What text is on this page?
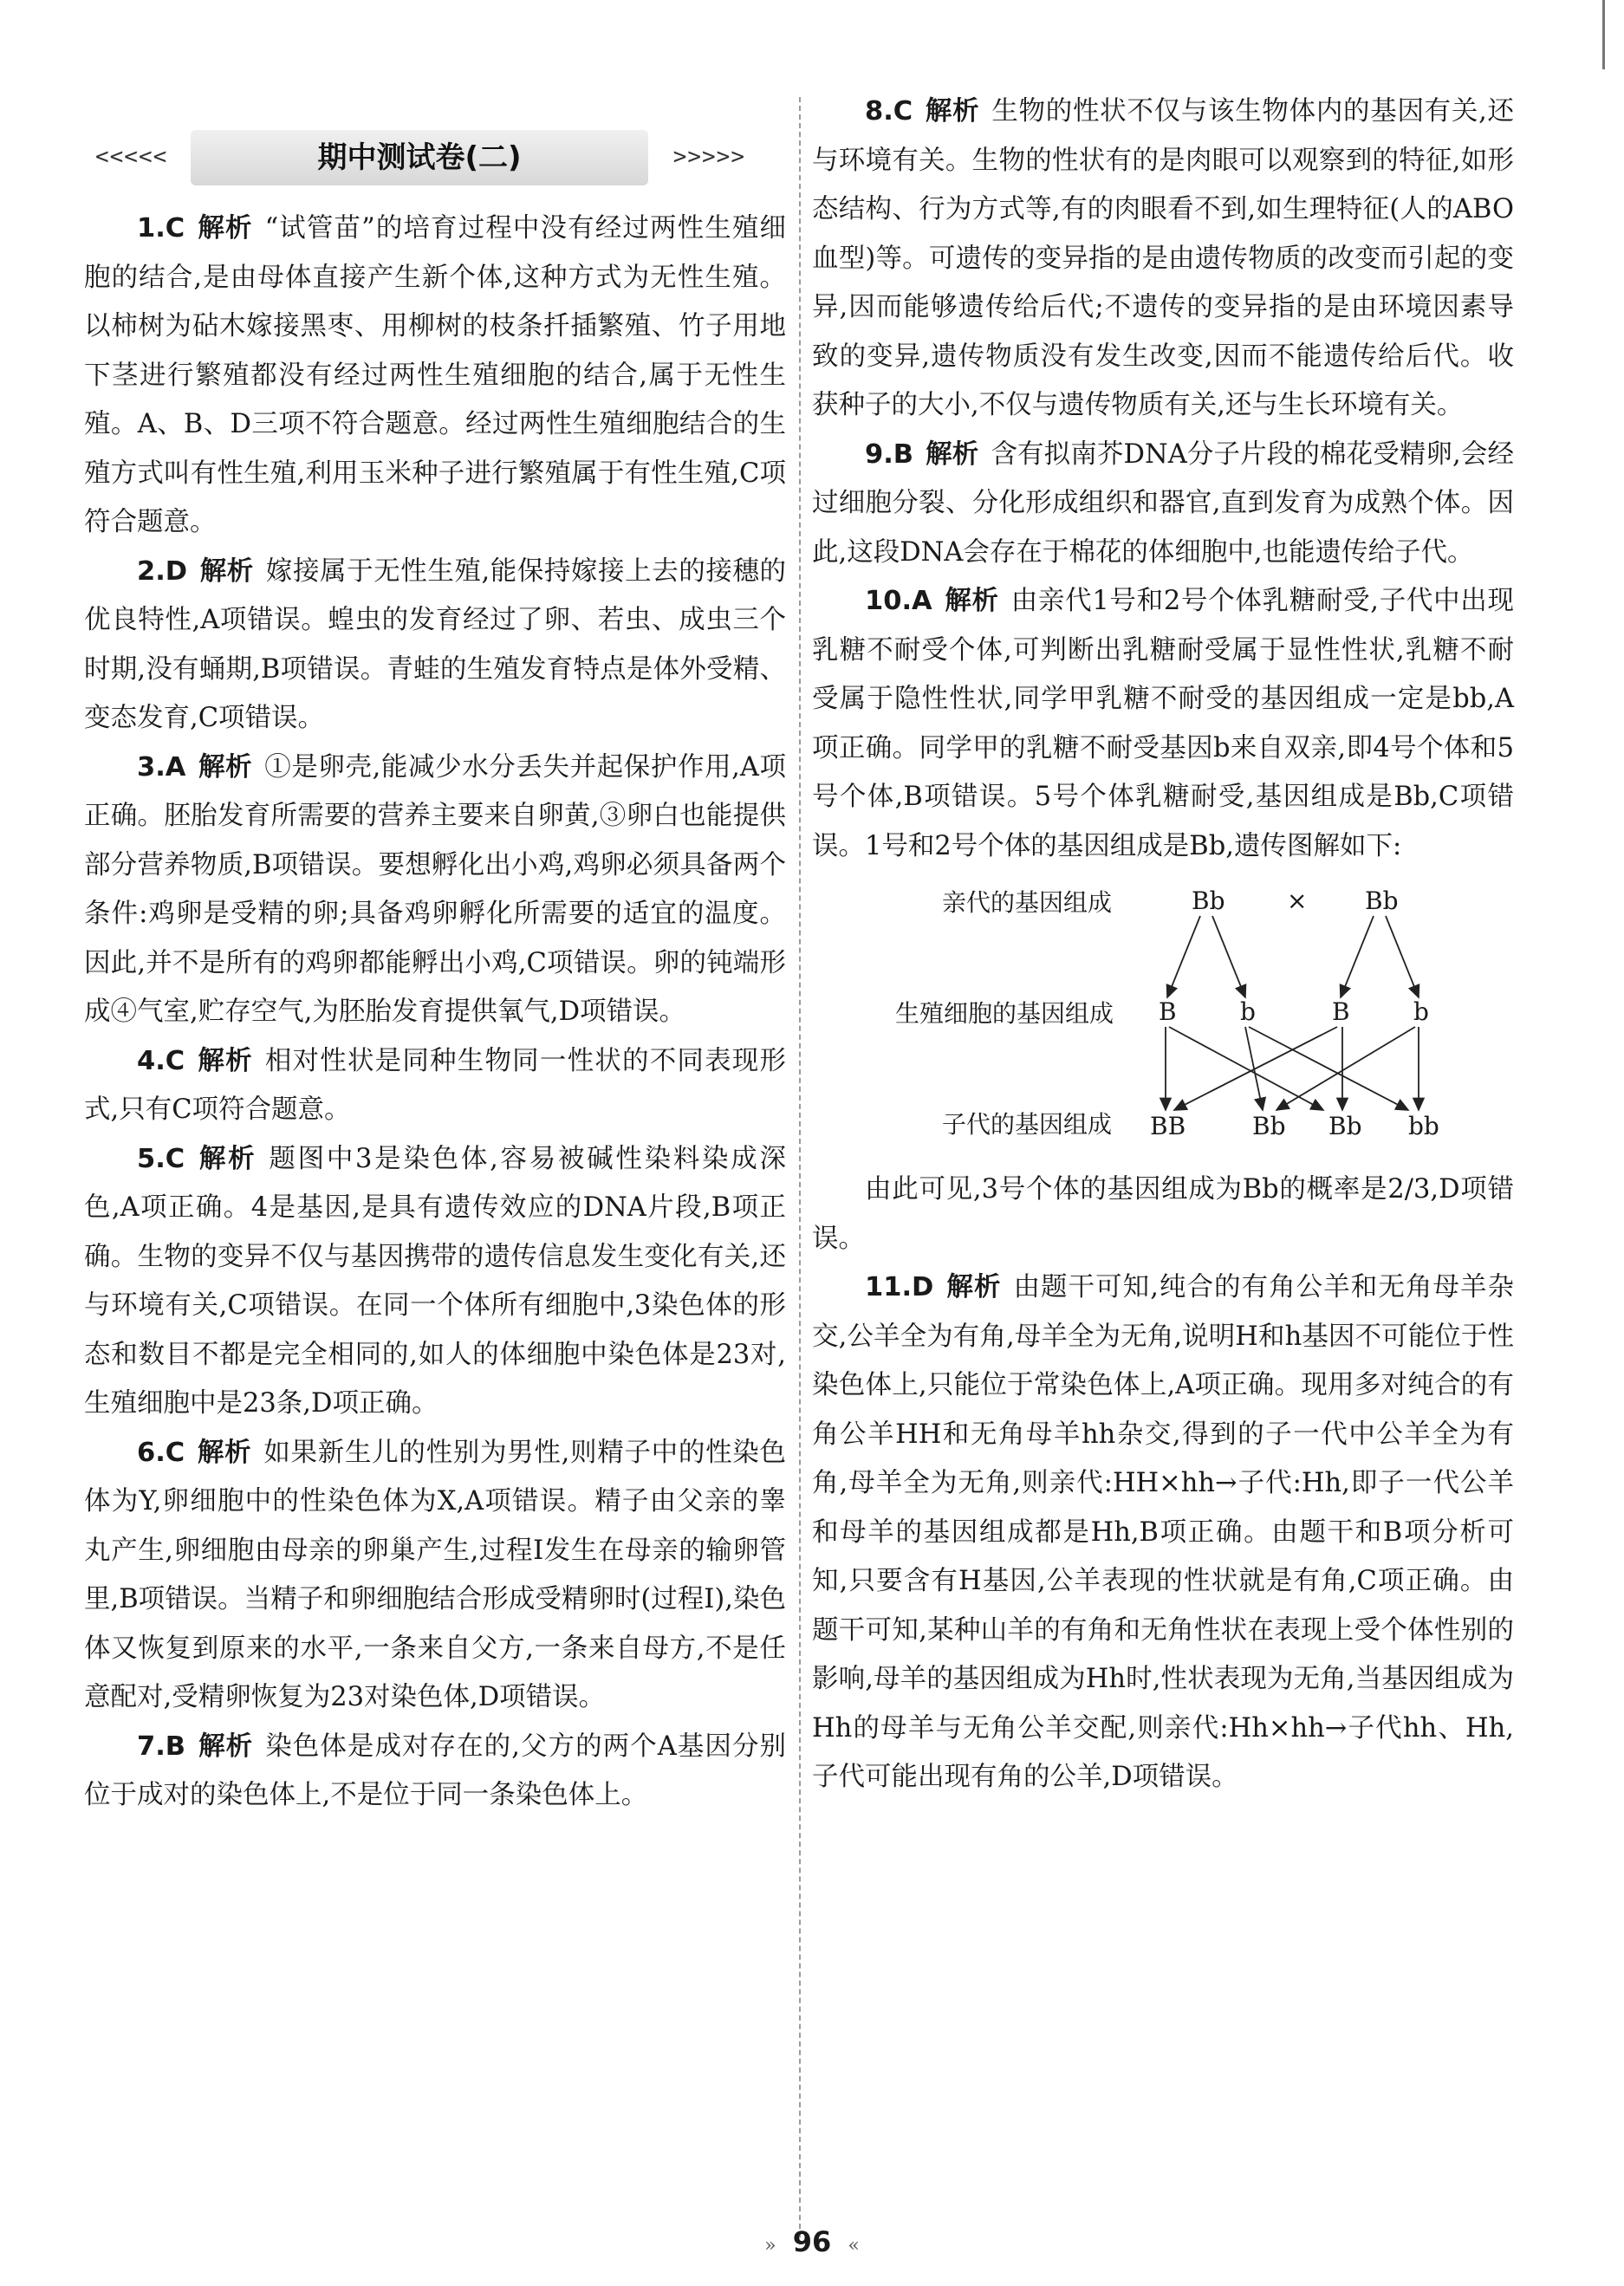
<<<<<	期中测试卷(二)	>>>>>

1.C 解析 “试管苗”的培育过程中没有经过两性生殖细胞的结合,是由母体直接产生新个体,这种方式为无性生殖。以柿树为砧木嫁接黑枣、用柳树的枝条扦插繁殖、竹子用地下茎进行繁殖都没有经过两性生殖细胞的结合,属于无性生殖。A、B、D三项不符合题意。经过两性生殖细胞结合的生殖方式叫有性生殖,利用玉米种子进行繁殖属于有性生殖,C项符合题意。

2.D 解析 嫁接属于无性生殖,能保持嫁接上去的接穗的优良特性,A项错误。蝗虫的发育经过了卵、若虫、成虫三个时期,没有蛹期,B项错误。青蛙的生殖发育特点是体外受精、变态发育,C项错误。

3.A 解析 ①是卵壳,能减少水分丢失并起保护作用,A项正确。胚胎发育所需要的营养主要来自卵黄,③卵白也能提供部分营养物质,B项错误。要想孵化出小鸡,鸡卵必须具备两个条件:鸡卵是受精的卵;具备鸡卵孵化所需要的适宜的温度。因此,并不是所有的鸡卵都能孵出小鸡,C项错误。卵的钝端形成④气室,贮存空气,为胚胎发育提供氧气,D项错误。

4.C 解析 相对性状是同种生物同一性状的不同表现形式,只有C项符合题意。

5.C 解析 题图中3是染色体,容易被碱性染料染成深色,A项正确。4是基因,是具有遗传效应的DNA片段,B项正确。生物的变异不仅与基因携带的遗传信息发生变化有关,还与环境有关,C项错误。在同一个体所有细胞中,3染色体的形态和数目不都是完全相同的,如人的体细胞中染色体是23对,生殖细胞中是23条,D项正确。

6.C 解析 如果新生儿的性别为男性,则精子中的性染色体为Y,卵细胞中的性染色体为X,A项错误。精子由父亲的睾丸产生,卵细胞由母亲的卵巢产生,过程Ⅰ发生在母亲的输卵管里,B项错误。当精子和卵细胞结合形成受精卵时(过程Ⅰ),染色体又恢复到原来的水平,一条来自父方,一条来自母方,不是任意配对,受精卵恢复为23对染色体,D项错误。

7.B 解析 染色体是成对存在的,父方的两个A基因分别位于成对的染色体上,不是位于同一条染色体上。

8.C 解析 生物的性状不仅与该生物体内的基因有关,还与环境有关。生物的性状有的是肉眼可以观察到的特征,如形态结构、行为方式等,有的肉眼看不到,如生理特征(人的ABO血型)等。可遗传的变异指的是由遗传物质的改变而引起的变异,因而能够遗传给后代;不遗传的变异指的是由环境因素导致的变异,遗传物质没有发生改变,因而不能遗传给后代。收获种子的大小,不仅与遗传物质有关,还与生长环境有关。

9.B 解析 含有拟南芥DNA分子片段的棉花受精卵,会经过细胞分裂、分化形成组织和器官,直到发育为成熟个体。因此,这段DNA会存在于棉花的体细胞中,也能遗传给子代。

10.A 解析 由亲代1号和2号个体乳糖耐受,子代中出现乳糖不耐受个体,可判断出乳糖耐受属于显性性状,乳糖不耐受属于隐性性状,同学甲乳糖不耐受的基因组成一定是bb,A项正确。同学甲的乳糖不耐受基因b来自双亲,即4号个体和5号个体,B项错误。5号个体乳糖耐受,基因组成是Bb,C项错误。1号和2号个体的基因组成是Bb,遗传图解如下:

亲代的基因组成
生殖细胞的基因组成
子代的基因组成
Bb	× Bb
B	b	B	b
BB	Bb Bb bb

由此可见,3号个体的基因组成为Bb的概率是2/3,D项错误。

11.D 解析 由题干可知,纯合的有角公羊和无角母羊杂交,公羊全为有角,母羊全为无角,说明H和h基因不可能位于性染色体上,只能位于常染色体上,A项正确。现用多对纯合的有角公羊HH和无角母羊hh杂交,得到的子一代中公羊全为有角,母羊全为无角,则亲代:HH×hh→子代:Hh,即子一代公羊和母羊的基因组成都是Hh,B项正确。由题干和B项分析可知,只要含有H基因,公羊表现的性状就是有角,C项正确。由题干可知,某种山羊的有角和无角性状在表现上受个体性别的影响,母羊的基因组成为Hh时,性状表现为无角,当基因组成为Hh的母羊与无角公羊交配,则亲代:Hh×hh→子代hh、Hh,子代可能出现有角的公羊,D项错误。

» 96 «
